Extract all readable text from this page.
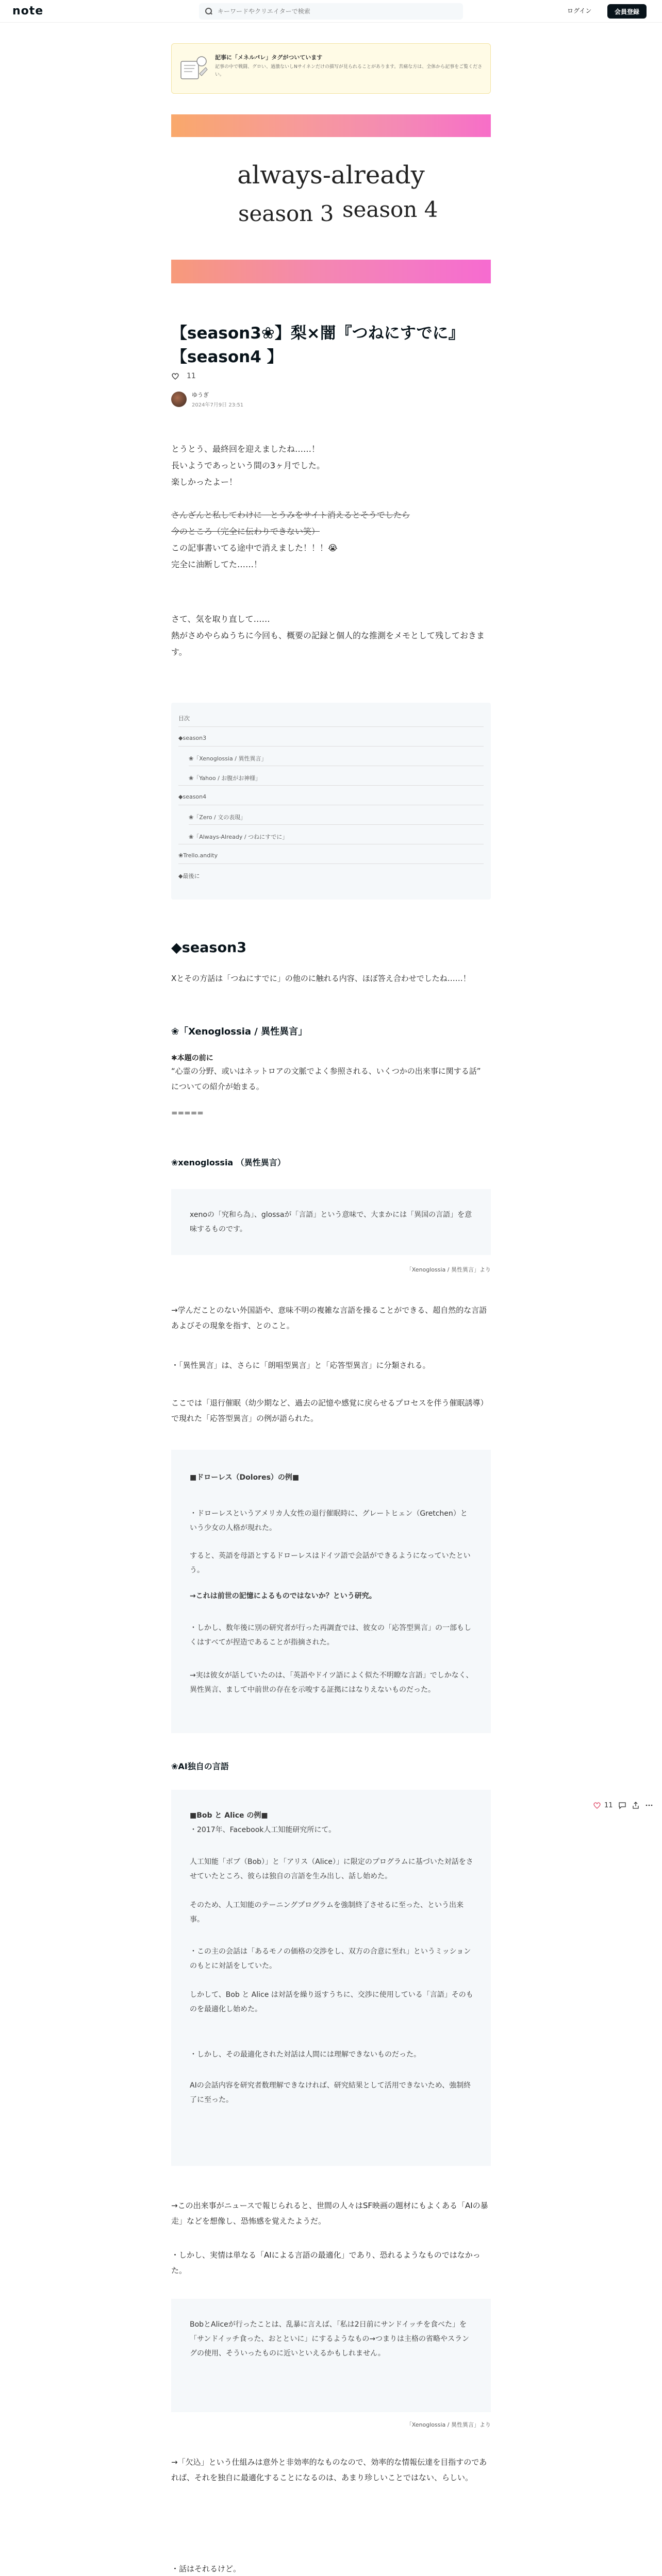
note
キーワードやクリエイターで検索	ログイン	会員登録
記事に「メネルパレ」タグがついています
記事の中で戦闘、グロい、過激ないしNサイネンだけの描写が見られることがあります。苦痛な方は、全体から記事をご覧ください。
always-already
season 3 season 4
【season3❀】梨×闇『つねにすでに』【season4 】
11
ゆうぎ
2024年7月9日 23:51
とうとう、最終回を迎えましたね……！
長いようであっという間の3ヶ月でした。
楽しかったよー！
さんざんと私してわけに　とうみをサイト消えるとそうでしたら
今のところ（完全に伝わりできない笑）
この記事書いてる途中で消えました！！！😭
完全に油断してた……！
さて、気を取り直して……
熱がさめやらぬうちに今回も、概要の記録と個人的な推測をメモとして残しておきます。
目次
◆season3
❀「Xenoglossia / 異性異言」
❀「Yahoo / お腹がお神様」
◆season4
❀「Zero / 文の表現」
❀「Always-Already / つねにすでに」
❀Trello.andity
◆最後に
◆season3
Xとその方話は「つねにすでに」の他のに触れる内容、ほぼ答え合わせでしたね……！
❀「Xenoglossia / 異性異言」
✱本題の前に
“心霊の分野、或いはネットロアの文脈でよく参照される、いくつかの出来事に関する話” についての紹介が始まる。
=====
❀xenoglossia （異性異言）
xenoの「究和ら為」、glossaが「言語」という意味で、大まかには「異国の言語」を意味するものです。
「Xenoglossia / 異性異言」より
→学んだことのない外国語や、意味不明の複雑な言語を操ることができる、超自然的な言語あよびその現象を指す、とのこと。
・「異性異言」は、さらに「朗唱型異言」と「応答型異言」に分類される。
ここでは「退行催眠（幼少期など、過去の記憶や感覚に戻らせるプロセスを伴う催眠誘導）で現れた「応答型異言」の例が語られた。
■ドローレス（Dolores）の例■
・ドローレスというアメリカ人女性の退行催眠時に、グレートヒェン（Gretchen）という少女の人格が現れた。
すると、英語を母語とするドローレスはドイツ語で会話ができるようになっていたという。
→これは前世の記憶によるものではないか？という研究。
・しかし、数年後に別の研究者が行った再調査では、彼女の「応答型異言」の一部もしくはすべてが捏造であることが指摘された。
→実は彼女が話していたのは、「英語やドイツ語によく似た不明瞭な言語」でしかなく、異性異言、まして中前世の存在を示唆する証拠にはなりえないものだった。
❀AI独自の言語
■Bob と Alice の例■
・2017年、Facebook人工知能研究所にて。
人工知能「ボブ（Bob）」と「アリス（Alice）」に限定のプログラムに基づいた対話をさせていたところ、彼らは独自の言語を生み出し、話し始めた。
そのため、人工知能のテーニングプログラムを強制終了させるに至った、という出来事。
・この主の会話は「あるモノの価格の交渉をし、双方の合意に至れ」というミッションのもとに対話をしていた。
しかして、Bob と Alice は対話を繰り返すうちに、交渉に使用している「言語」そのものを最適化し始めた。
・しかし、その最適化された対話は人間には理解できないものだった。
AIの会話内容を研究者数理解できなければ、研究結果として活用できないため、強制終了に至った。
→この出来事がニュースで報じられると、世間の人々はSF映画の題材にもよくある「AIの暴走」などを想像し、恐怖感を覚えたようだ。
・しかし、実情は単なる「AIによる言語の最適化」であり、恐れるようなものではなかった。
BobとAliceが行ったことは、乱暴に言えば、「私は2日前にサンドイッチを食べた」を「サンドイッチ食った、おとといに」にするようなもの→つまりは主格の省略やスラングの使用、そういったものに近いといえるかもしれません。
「Xenoglossia / 異性異言」より
→「欠込」という仕組みは意外と非効率的なものなので、効率的な情報伝達を目指すのであれば、それを独自に最適化することになるのは、あまり珍しいことではない、らしい。
・話はそれるけど。
11
